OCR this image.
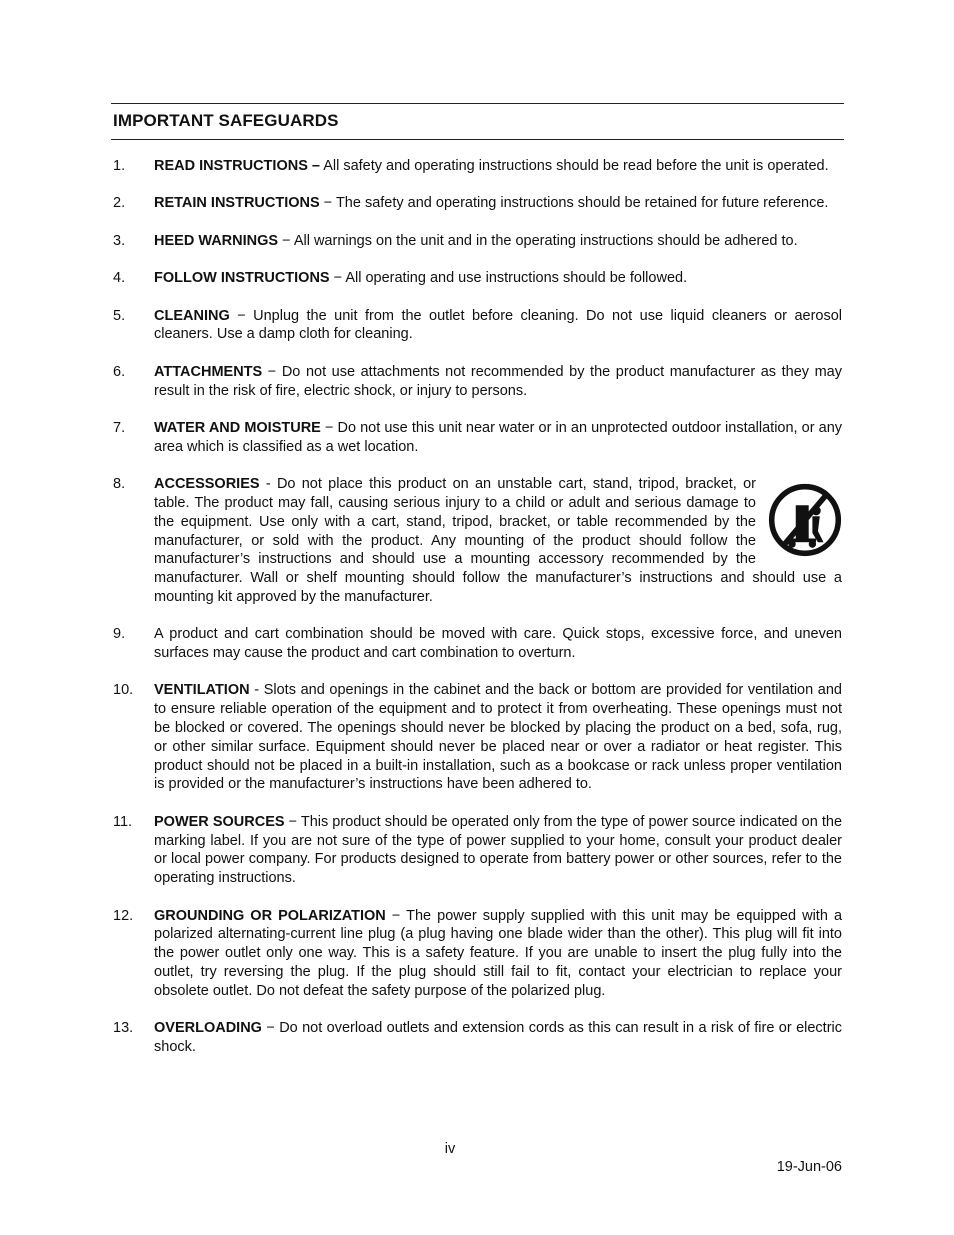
IMPORTANT SAFEGUARDS
1. READ INSTRUCTIONS – All safety and operating instructions should be read before the unit is operated.
2. RETAIN INSTRUCTIONS − The safety and operating instructions should be retained for future reference.
3. HEED WARNINGS − All warnings on the unit and in the operating instructions should be adhered to.
4. FOLLOW INSTRUCTIONS − All operating and use instructions should be followed.
5. CLEANING − Unplug the unit from the outlet before cleaning. Do not use liquid cleaners or aerosol cleaners. Use a damp cloth for cleaning.
6. ATTACHMENTS − Do not use attachments not recommended by the product manufacturer as they may result in the risk of fire, electric shock, or injury to persons.
7. WATER AND MOISTURE − Do not use this unit near water or in an unprotected outdoor installation, or any area which is classified as a wet location.
8. ACCESSORIES - Do not place this product on an unstable cart, stand, tripod, bracket, or table. The product may fall, causing serious injury to a child or adult and serious damage to the equipment. Use only with a cart, stand, tripod, bracket, or table recommended by the manufacturer, or sold with the product. Any mounting of the product should follow the manufacturer’s instructions and should use a mounting accessory recommended by the manufacturer. Wall or shelf mounting should follow the manufacturer’s instructions and should use a mounting kit approved by the manufacturer.
9. A product and cart combination should be moved with care. Quick stops, excessive force, and uneven surfaces may cause the product and cart combination to overturn.
10. VENTILATION - Slots and openings in the cabinet and the back or bottom are provided for ventilation and to ensure reliable operation of the equipment and to protect it from overheating. These openings must not be blocked or covered. The openings should never be blocked by placing the product on a bed, sofa, rug, or other similar surface. Equipment should never be placed near or over a radiator or heat register. This product should not be placed in a built-in installation, such as a bookcase or rack unless proper ventilation is provided or the manufacturer’s instructions have been adhered to.
11. POWER SOURCES − This product should be operated only from the type of power source indicated on the marking label. If you are not sure of the type of power supplied to your home, consult your product dealer or local power company. For products designed to operate from battery power or other sources, refer to the operating instructions.
12. GROUNDING OR POLARIZATION − The power supply supplied with this unit may be equipped with a polarized alternating-current line plug (a plug having one blade wider than the other). This plug will fit into the power outlet only one way. This is a safety feature. If you are unable to insert the plug fully into the outlet, try reversing the plug. If the plug should still fail to fit, contact your electrician to replace your obsolete outlet. Do not defeat the safety purpose of the polarized plug.
13. OVERLOADING − Do not overload outlets and extension cords as this can result in a risk of fire or electric shock.
iv
19-Jun-06
